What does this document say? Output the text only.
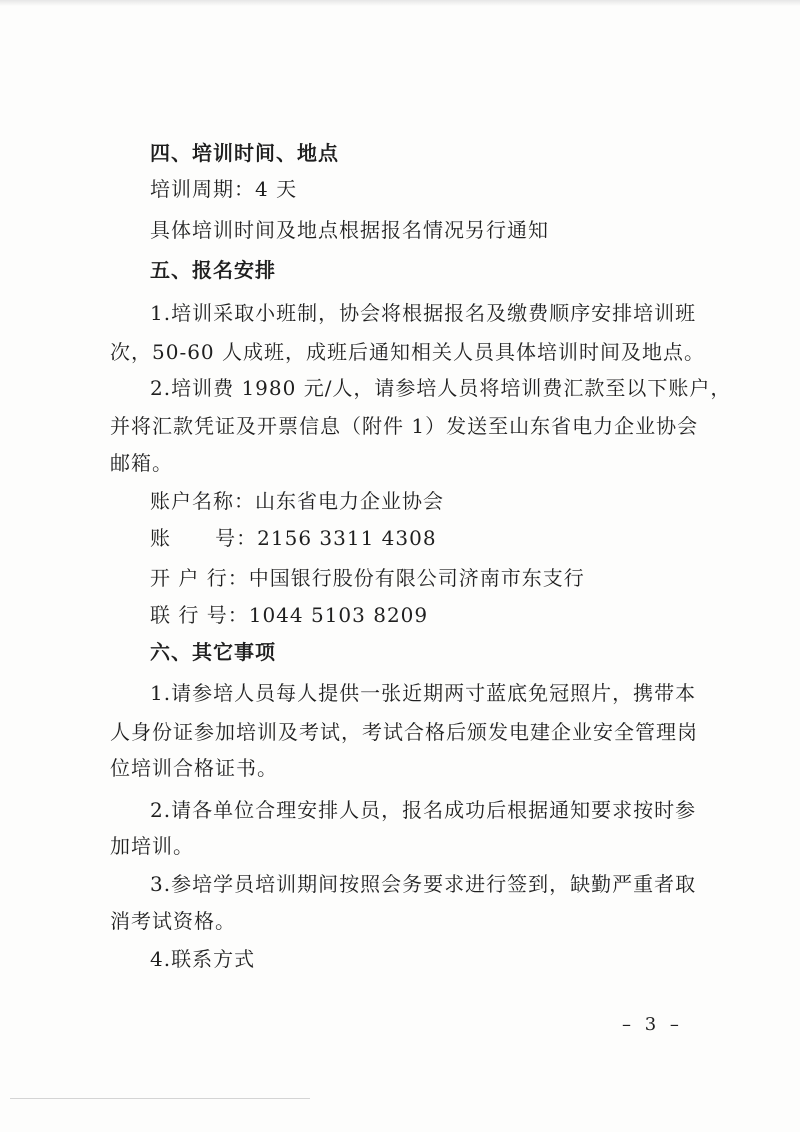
四、培训时间、地点
培训周期：4 天
具体培训时间及地点根据报名情况另行通知
五、报名安排
1.培训采取小班制，协会将根据报名及缴费顺序安排培训班
次，50-60 人成班，成班后通知相关人员具体培训时间及地点。
2.培训费 1980 元/人，请参培人员将培训费汇款至以下账户，
并将汇款凭证及开票信息（附件 1）发送至山东省电力企业协会
邮箱。
账户名称：山东省电力企业协会
账      号：2156 3311 4308
开 户 行：中国银行股份有限公司济南市东支行
联 行 号：1044 5103 8209
六、其它事项
1.请参培人员每人提供一张近期两寸蓝底免冠照片，携带本
人身份证参加培训及考试，考试合格后颁发电建企业安全管理岗
位培训合格证书。
2.请各单位合理安排人员，报名成功后根据通知要求按时参
加培训。
3.参培学员培训期间按照会务要求进行签到，缺勤严重者取
消考试资格。
4.联系方式
– 3 –
